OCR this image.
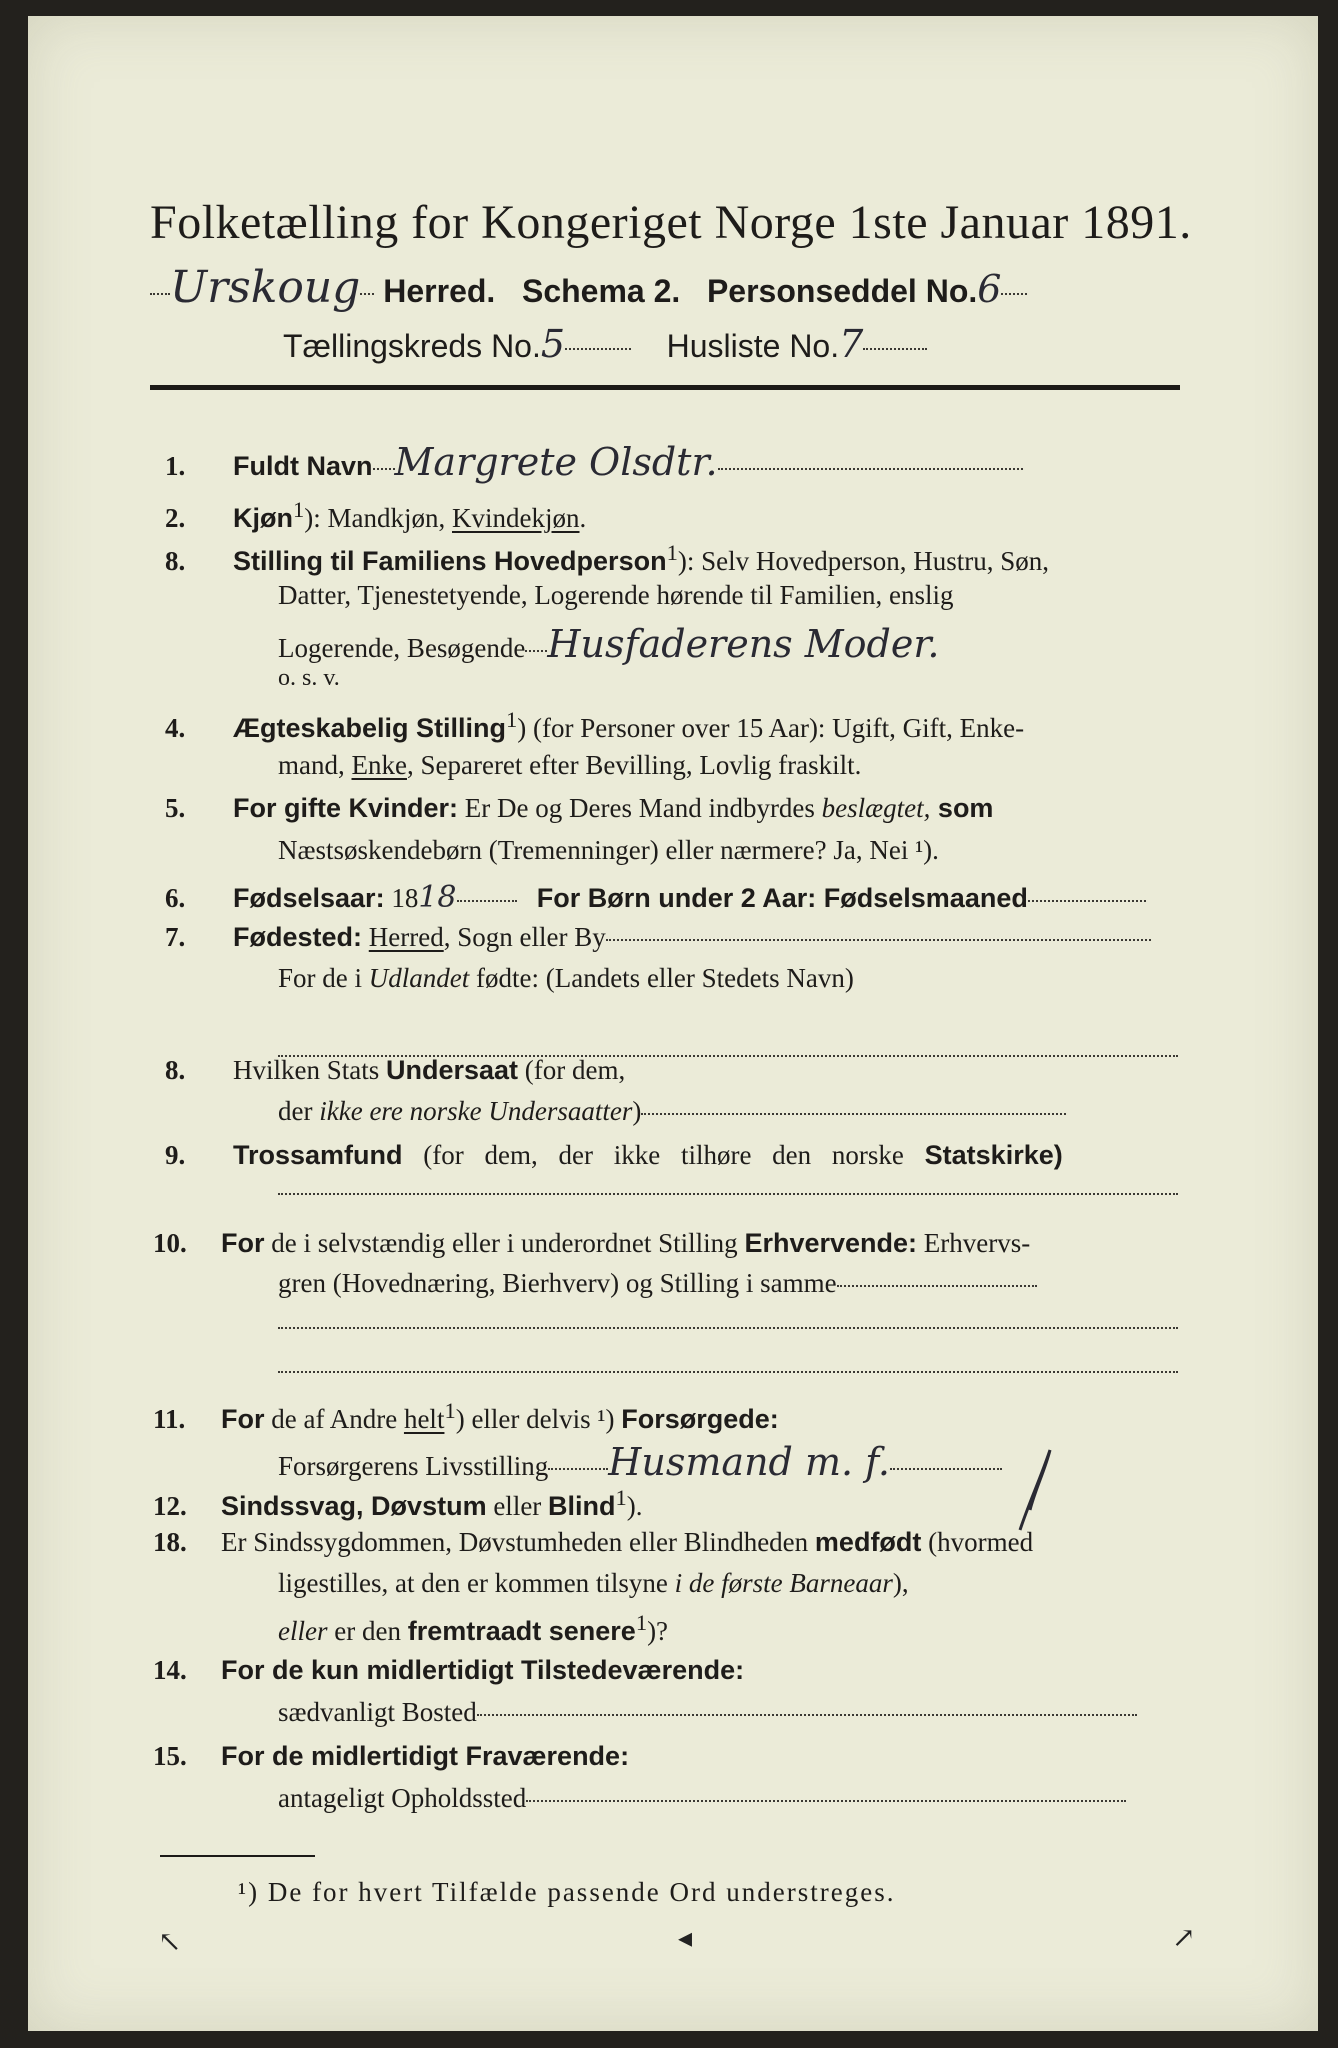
Folketælling for Kongeriget Norge 1ste Januar 1891.
Urskoug Herred. Schema 2. Personseddel No.6
Tællingskreds No.5	Husliste No.7
1. Fuldt Navn Margrete Olsdtr.
2. Kjøn$^1$): Mandkjøn, Kvindekjøn.
8. Stilling til Familiens Hovedperson$^1$): Selv Hovedperson, Hustru, Søn,
Datter, Tjenestetyende, Logerende hørende til Familien, enslig
Logerende, Besøgende Husfaderens Moder.
o. s. v.
4. Ægteskabelig Stilling$^1$) (for Personer over 15 Aar): Ugift, Gift, Enke-
mand, Enke, Separeret efter Bevilling, Lovlig fraskilt.
5. For gifte Kvinder: Er De og Deres Mand indbyrdes beslægtet, som
Næstsøskendebørn (Tremenninger) eller nærmere? Ja, Nei ¹).
6. Fødselsaar: 1818	For Børn under 2 Aar: Fødselsmaaned
7. Fødested: Herred, Sogn eller By
For de i Udlandet fødte: (Landets eller Stedets Navn)
8. Hvilken Stats Undersaat (for dem,
der ikke ere norske Undersaatter)
9. Trossamfund (for dem, der ikke tilhøre den norske Statskirke)
10. For de i selvstændig eller i underordnet Stilling Erhvervende: Erhvervs-
gren (Hovednæring, Bierhverv) og Stilling i samme
11. For de af Andre helt$^1$) eller delvis ¹) Forsørgede:
Forsørgerens Livsstilling Husmand m. f.
12. Sindssvag, Døvstum eller Blind$^1$).
18. Er Sindssygdommen, Døvstumheden eller Blindheden medfødt (hvormed
ligestilles, at den er kommen tilsyne i de første Barneaar),
eller er den fremtraadt senere$^1$)?
14. For de kun midlertidigt Tilstedeværende:
sædvanligt Bosted
15. For de midlertidigt Fraværende:
antageligt Opholdssted
¹) De for hvert Tilfælde passende Ord understreges.
↖	◂	↗
